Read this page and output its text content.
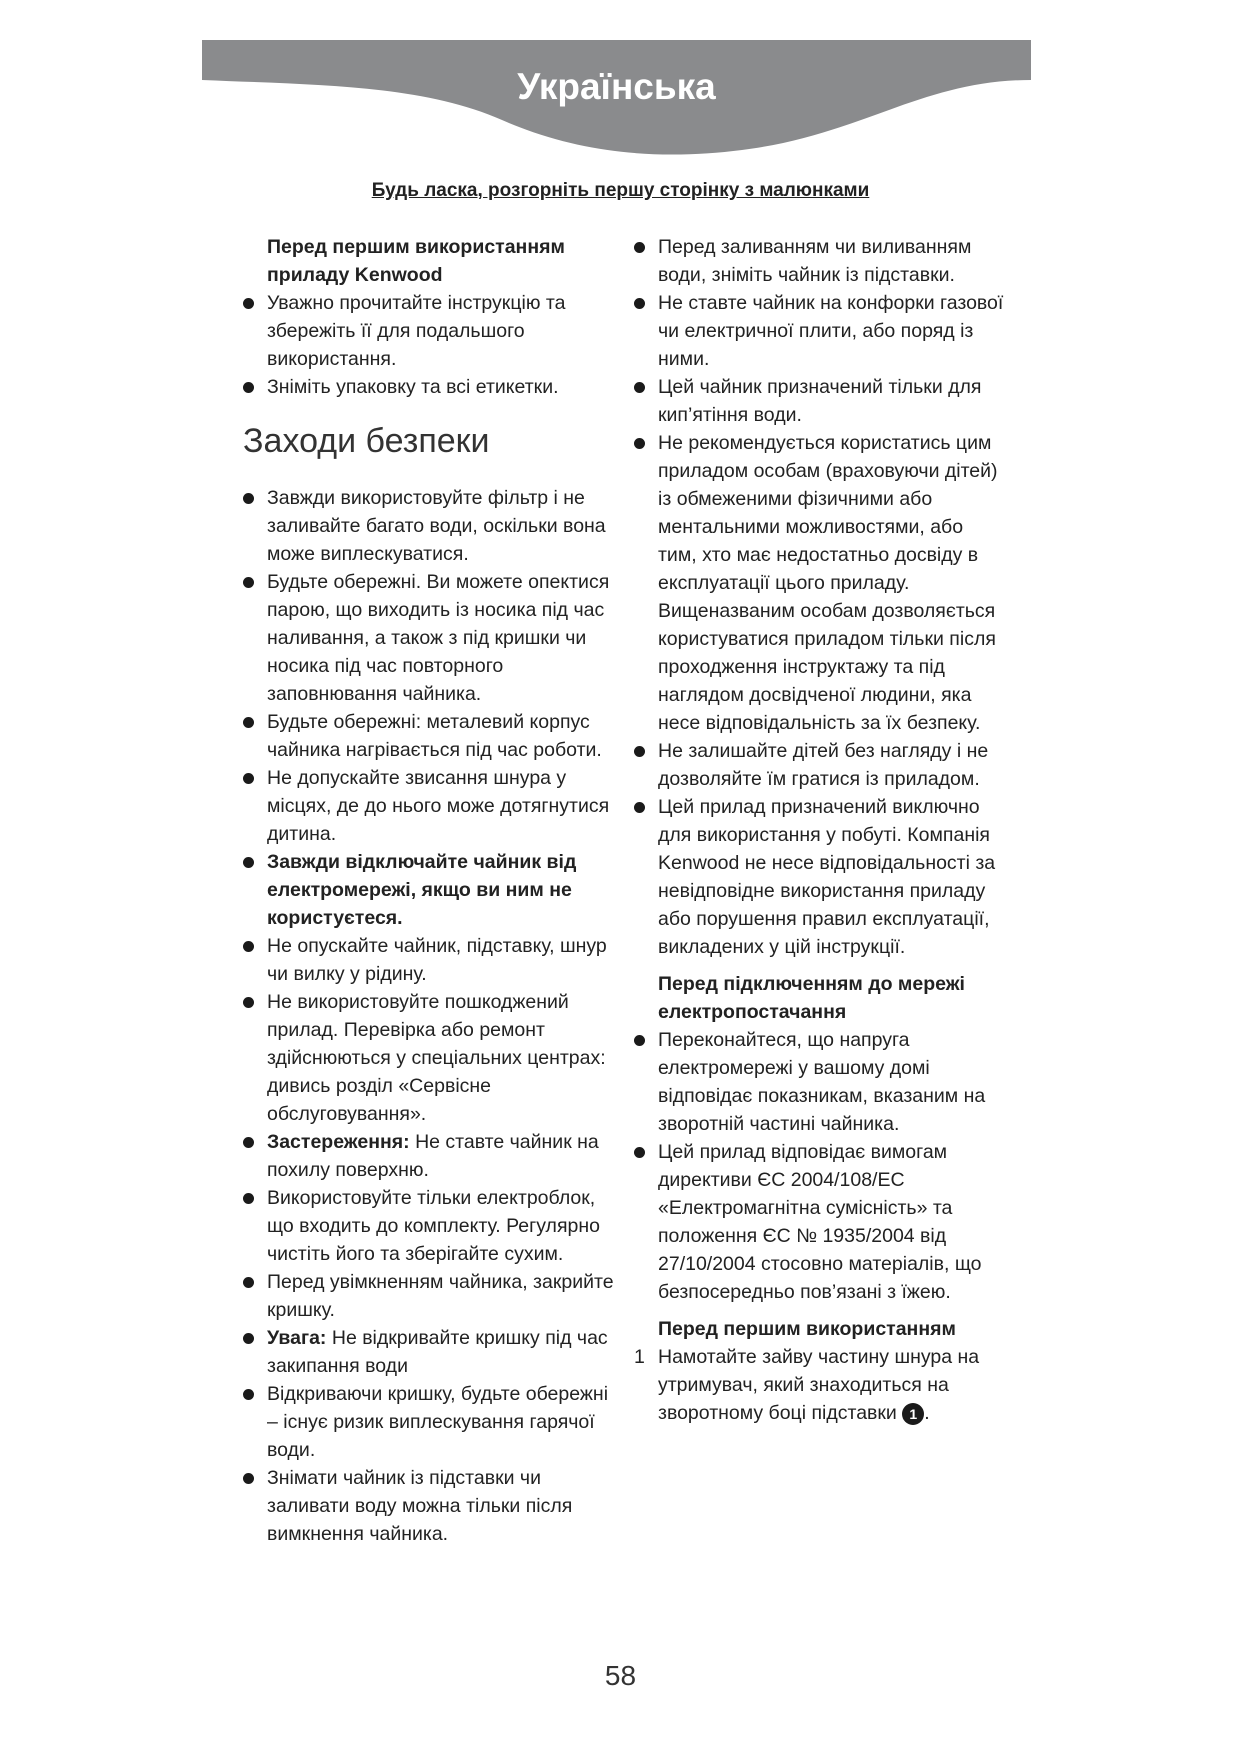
Українська
Будь ласка, розгорніть першу сторінку з малюнками
Перед першим використанням приладу Kenwood
Уважно прочитайте інструкцію та збережіть її для подальшого використання.
Зніміть упаковку та всі етикетки.
Заходи безпеки
Завжди використовуйте фільтр і не заливайте багато води, оскільки вона може виплескуватися.
Будьте обережні. Ви можете опектися парою, що виходить із носика під час наливання, а також з під кришки чи носика під час повторного заповнювання чайника.
Будьте обережні: металевий корпус чайника нагрівається під час роботи.
Не допускайте звисання шнура у місцях, де до нього може дотягнутися дитина.
Завжди відключайте чайник від електромережі, якщо ви ним не користуєтеся.
Не опускайте чайник, підставку, шнур чи вилку у рідину.
Не використовуйте пошкоджений прилад. Перевірка або ремонт здійснюються у спеціальних центрах: дивись розділ «Сервісне обслуговування».
Застереження: Не ставте чайник на похилу поверхню.
Використовуйте тільки електроблок, що входить до комплекту. Регулярно чистіть його та зберігайте сухим.
Перед увімкненням чайника, закрийте кришку.
Увага: Не відкривайте кришку під час закипання води
Відкриваючи кришку, будьте обережні – існує ризик виплескування гарячої води.
Знімати чайник із підставки чи заливати воду можна тільки після вимкнення чайника.
Перед заливанням чи виливанням води, зніміть чайник із підставки.
Не ставте чайник на конфорки газової чи електричної плити, або поряд із ними.
Цей чайник призначений тільки для кип’ятіння води.
Не рекомендується користатись цим приладом особам (враховуючи дітей) із обмеженими фізичними або ментальними можливостями, або тим, хто має недостатньо досвіду в експлуатації цього приладу. Вищеназваним особам дозволяється користуватися приладом тільки після проходження інструктажу та під наглядом досвідченої людини, яка несе відповідальність за їх безпеку.
Не залишайте дітей без нагляду і не дозволяйте їм гратися із приладом.
Цей прилад призначений виключно для використання у побуті. Компанія Kenwood не несе відповідальності за невідповідне використання приладу або порушення правил експлуатації, викладених у цій інструкції.
Перед підключенням до мережі електропостачання
Переконайтеся, що напруга електромережі у вашому домі відповідає показникам, вказаним на зворотній частині чайника.
Цей прилад відповідає вимогам директиви ЄС 2004/108/EC «Електромагнітна сумісність» та положення ЄС № 1935/2004 від 27/10/2004 стосовно матеріалів, що безпосередньо пов’язані з їжею.
Перед першим використанням
1 Намотайте зайву частину шнура на утримувач, який знаходиться на зворотному боці підставки 1 .
58
